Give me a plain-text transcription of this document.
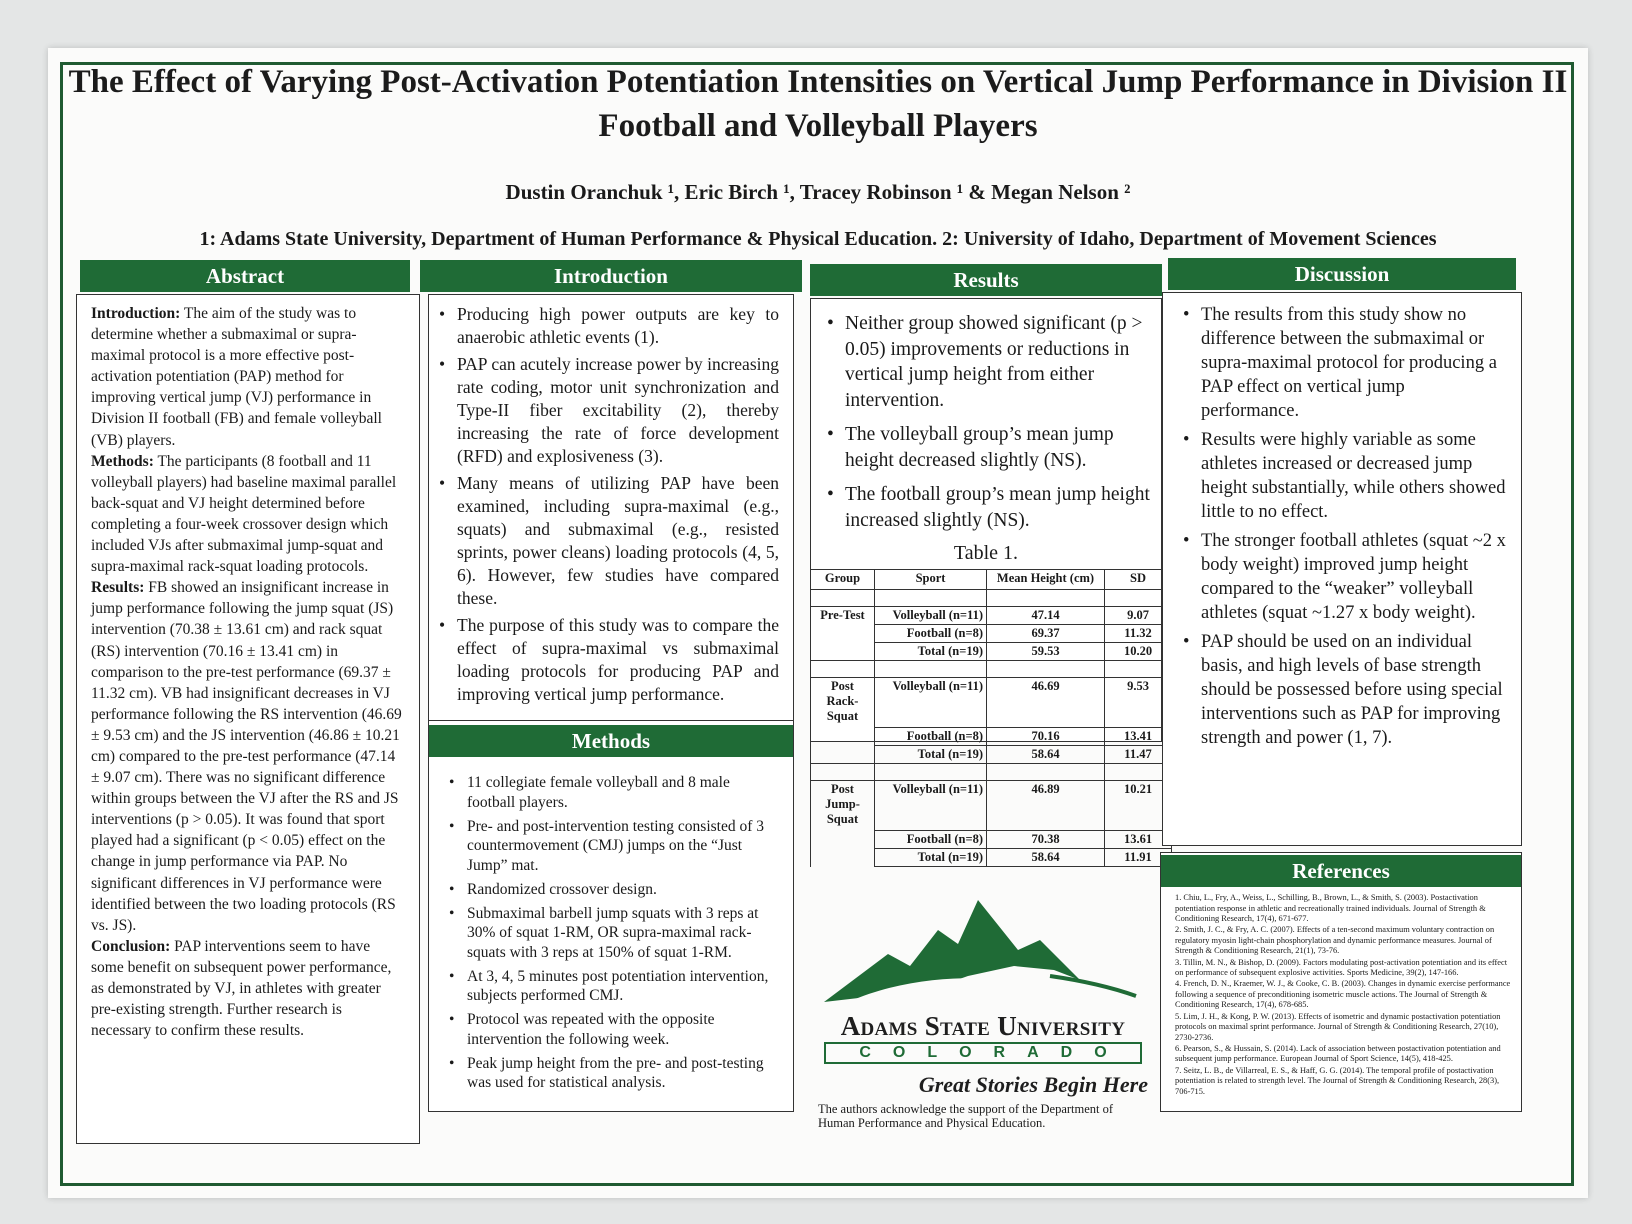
The Effect of Varying Post-Activation Potentiation Intensities on Vertical Jump Performance in Division II Football and Volleyball Players
Dustin Oranchuk ¹, Eric Birch ¹, Tracey Robinson ¹ & Megan Nelson ²
1: Adams State University, Department of Human Performance & Physical Education. 2: University of Idaho, Department of Movement Sciences
Abstract
Introduction: The aim of the study was to determine whether a submaximal or supra-maximal protocol is a more effective post-activation potentiation (PAP) method for improving vertical jump (VJ) performance in Division II football (FB) and female volleyball (VB) players.
Methods: The participants (8 football and 11 volleyball players) had baseline maximal parallel back-squat and VJ height determined before completing a four-week crossover design which included VJs after submaximal jump-squat and supra-maximal rack-squat loading protocols.
Results: FB showed an insignificant increase in jump performance following the jump squat (JS) intervention (70.38 ± 13.61 cm) and rack squat (RS) intervention (70.16 ± 13.41 cm) in comparison to the pre-test performance (69.37 ± 11.32 cm). VB had insignificant decreases in VJ performance following the RS intervention (46.69 ± 9.53 cm) and the JS intervention (46.86 ± 10.21 cm) compared to the pre-test performance (47.14 ± 9.07 cm). There was no significant difference within groups between the VJ after the RS and JS interventions (p > 0.05). It was found that sport played had a significant (p < 0.05) effect on the change in jump performance via PAP. No significant differences in VJ performance were identified between the two loading protocols (RS vs. JS).
Conclusion: PAP interventions seem to have some benefit on subsequent power performance, as demonstrated by VJ, in athletes with greater pre-existing strength. Further research is necessary to confirm these results.
Introduction
• Producing high power outputs are key to anaerobic athletic events (1).
• PAP can acutely increase power by increasing rate coding, motor unit synchronization and Type-II fiber excitability (2), thereby increasing the rate of force development (RFD) and explosiveness (3).
• Many means of utilizing PAP have been examined, including supra-maximal (e.g., squats) and submaximal (e.g., resisted sprints, power cleans) loading protocols (4, 5, 6). However, few studies have compared these.
• The purpose of this study was to compare the effect of supra-maximal vs submaximal loading protocols for producing PAP and improving vertical jump performance.
Methods
• 11 collegiate female volleyball and 8 male football players.
• Pre- and post-intervention testing consisted of 3 countermovement (CMJ) jumps on the “Just Jump” mat.
• Randomized crossover design.
• Submaximal barbell jump squats with 3 reps at 30% of squat 1-RM, OR supra-maximal rack-squats with 3 reps at 150% of squat 1-RM.
• At 3, 4, 5 minutes post potentiation intervention, subjects performed CMJ.
• Protocol was repeated with the opposite intervention the following week.
• Peak jump height from the pre- and post-testing was used for statistical analysis.
Results
• Neither group showed significant (p > 0.05) improvements or reductions in vertical jump height from either intervention.
• The volleyball group’s mean jump height decreased slightly (NS).
• The football group’s mean jump height increased slightly (NS).
Table 1.
Group	Sport	Mean Height (cm)	SD

Pre-Test	Volleyball (n=11)	47.14	9.07
	Football (n=8)	69.37	11.32
	Total (n=19)	59.53	10.20

Post Rack-Squat	Volleyball (n=11)	46.69	9.53
	Football (n=8)	70.16	13.41
	Total (n=19)	58.64	11.47

Post Jump-Squat	Volleyball (n=11)	46.89	10.21
	Football (n=8)	70.38	13.61
	Total (n=19)	58.64	11.91
Adams State University
COLORADO
Great Stories Begin Here
The authors acknowledge the support of the Department of Human Performance and Physical Education.
Discussion
• The results from this study show no difference between the submaximal or supra-maximal protocol for producing a PAP effect on vertical jump performance.
• Results were highly variable as some athletes increased or decreased jump height substantially, while others showed little to no effect.
• The stronger football athletes (squat ~2 x body weight) improved jump height compared to the “weaker” volleyball athletes (squat ~1.27 x body weight).
• PAP should be used on an individual basis, and high levels of base strength should be possessed before using special interventions such as PAP for improving strength and power (1, 7).
References

1. Chiu, L., Fry, A., Weiss, L., Schilling, B., Brown, L., & Smith, S. (2003). Postactivation potentiation response in athletic and recreationally trained individuals. Journal of Strength & Conditioning Research, 17(4), 671-677.

2. Smith, J. C., & Fry, A. C. (2007). Effects of a ten-second maximum voluntary contraction on regulatory myosin light-chain phosphorylation and dynamic performance measures. Journal of Strength & Conditioning Research, 21(1), 73-76.

3. Tillin, M. N., & Bishop, D. (2009). Factors modulating post-activation potentiation and its effect on performance of subsequent explosive activities. Sports Medicine, 39(2), 147-166.

4. French, D. N., Kraemer, W. J., & Cooke, C. B. (2003). Changes in dynamic exercise performance following a sequence of preconditioning isometric muscle actions. The Journal of Strength & Conditioning Research, 17(4), 678-685.

5. Lim, J. H., & Kong, P. W. (2013). Effects of isometric and dynamic postactivation potentiation protocols on maximal sprint performance. Journal of Strength & Conditioning Research, 27(10), 2730-2736.

6. Pearson, S., & Hussain, S. (2014). Lack of association between postactivation potentiation and subsequent jump performance. European Journal of Sport Science, 14(5), 418-425.

7. Seitz, L. B., de Villarreal, E. S., & Haff, G. G. (2014). The temporal profile of postactivation potentiation is related to strength level. The Journal of Strength & Conditioning Research, 28(3), 706-715.
